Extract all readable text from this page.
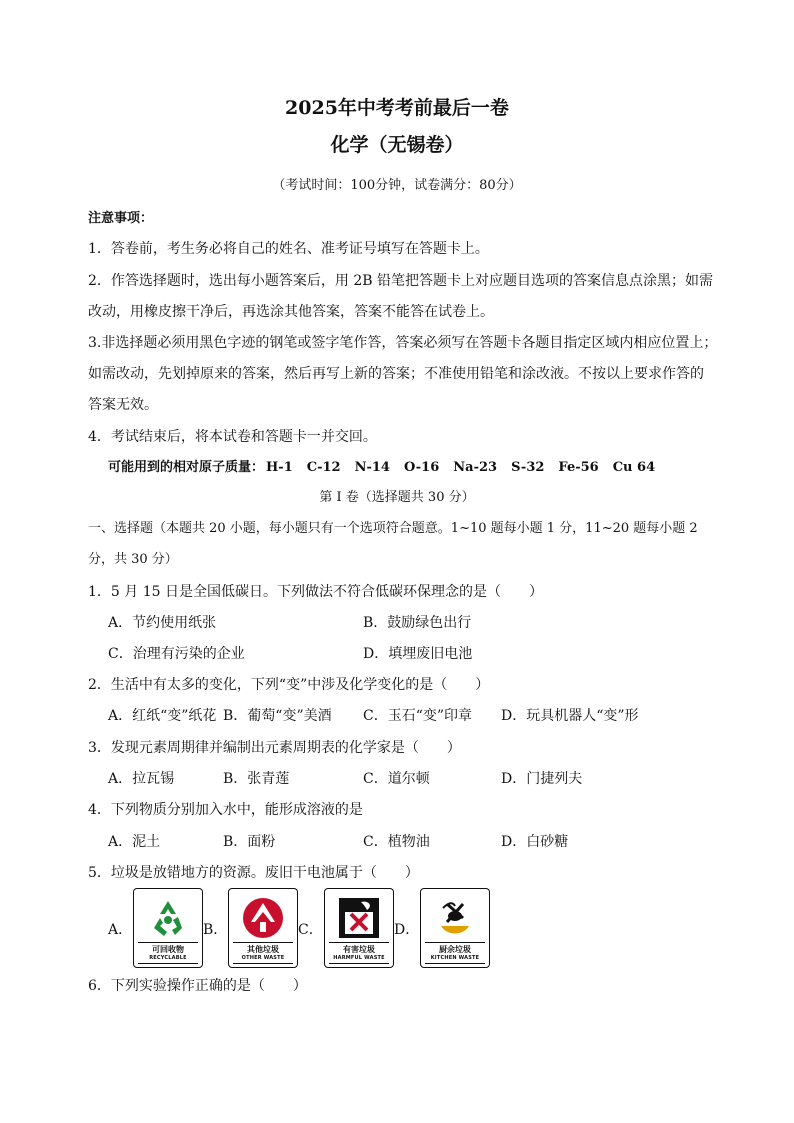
2025年中考考前最后一卷
化学（无锡卷）
（考试时间：100分钟，试卷满分：80分）
注意事项：
1．答卷前，考生务必将自己的姓名、准考证号填写在答题卡上。
2．作答选择题时，选出每小题答案后，用 2B 铅笔把答题卡上对应题目选项的答案信息点涂黑；如需
改动，用橡皮擦干净后，再选涂其他答案，答案不能答在试卷上。
3.非选择题必须用黑色字迹的钢笔或签字笔作答，答案必须写在答题卡各题目指定区域内相应位置上；
如需改动，先划掉原来的答案，然后再写上新的答案；不准使用铅笔和涂改液。不按以上要求作答的
答案无效。
4．考试结束后，将本试卷和答题卡一并交回。
可能用到的相对原子质量： H-1 C-12 N-14 O-16 Na-23 S-32 Fe-56 Cu 64
第 I 卷（选择题共 30 分）
一、选择题（本题共 20 小题，每小题只有一个选项符合题意。1~10 题每小题 1 分，11~20 题每小题 2
分，共 30 分）
1．5 月 15 日是全国低碳日。下列做法不符合低碳环保理念的是（　　）
A．节约使用纸张	B．鼓励绿色出行
C．治理有污染的企业	D．填埋废旧电池
2．生活中有太多的变化，下列“变”中涉及化学变化的是（　　）
A．红纸“变”纸花 B．葡萄“变”美酒 C．玉石“变”印章 D．玩具机器人“变”形
3．发现元素周期律并编制出元素周期表的化学家是（　　）
A．拉瓦锡	B．张青莲	C．道尔顿	D．门捷列夫
4．下列物质分别加入水中，能形成溶液的是
A．泥土	B．面粉	C．植物油	D．白砂糖
5．垃圾是放错地方的资源。废旧干电池属于（　　）
A．
可回收物
RECYCLABLE
B．
其他垃圾
OTHER WASTE
C．
有害垃圾
HARMFUL WASTE
D．
厨余垃圾
KITCHEN WASTE
6．下列实验操作正确的是（　　）
